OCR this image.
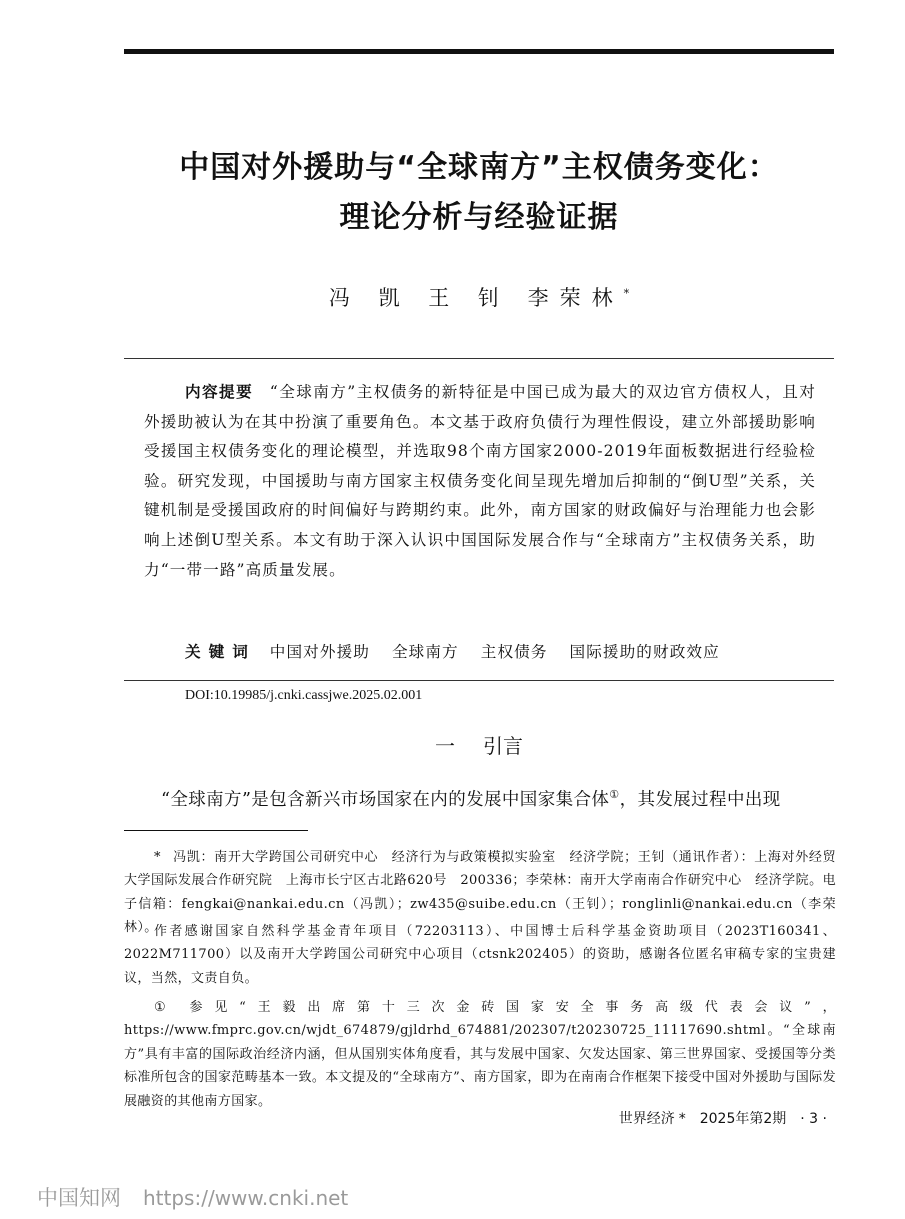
中国对外援助与“全球南方”主权债务变化：
理论分析与经验证据
冯 凯 王 钊 李荣林*
内容提要  “全球南方”主权债务的新特征是中国已成为最大的双边官方债权人，且对外援助被认为在其中扮演了重要角色。本文基于政府负债行为理性假设，建立外部援助影响受援国主权债务变化的理论模型，并选取98个南方国家2000-2019年面板数据进行经验检验。研究发现，中国援助与南方国家主权债务变化间呈现先增加后抑制的“倒U型”关系，关键机制是受援国政府的时间偏好与跨期约束。此外，南方国家的财政偏好与治理能力也会影响上述倒U型关系。本文有助于深入认识中国国际发展合作与“全球南方”主权债务关系，助力“一带一路”高质量发展。
关键词 中国对外援助 全球南方 主权债务 国际援助的财政效应
DOI:10.19985/j.cnki.cassjwe.2025.02.001
一 引言
“全球南方”是包含新兴市场国家在内的发展中国家集合体①，其发展过程中出现
* 冯凯：南开大学跨国公司研究中心　经济行为与政策模拟实验室　经济学院；王钊（通讯作者）：上海对外经贸大学国际发展合作研究院　上海市长宁区古北路620号　200336；李荣林：南开大学南南合作研究中心　经济学院。电子信箱：fengkai@nankai.edu.cn（冯凯）；zw435@suibe.edu.cn（王钊）；ronglinli@nankai.edu.cn（李荣林）。
作者感谢国家自然科学基金青年项目（72203113）、中国博士后科学基金资助项目（2023T160341、2022M711700）以及南开大学跨国公司研究中心项目（ctsnk202405）的资助，感谢各位匿名审稿专家的宝贵建议，当然，文责自负。
① 参见“王毅出席第十三次金砖国家安全事务高级代表会议”，https://www.fmprc.gov.cn/wjdt_674879/gjldrhd_674881/202307/t20230725_11117690.shtml。“全球南方”具有丰富的国际政治经济内涵，但从国别实体角度看，其与发展中国家、欠发达国家、第三世界国家、受援国等分类标准所包含的国家范畴基本一致。本文提及的“全球南方”、南方国家，即为在南南合作框架下接受中国对外援助与国际发展融资的其他南方国家。
世界经济 * 2025年第2期 · 3 ·
中国知网 https://www.cnki.net
